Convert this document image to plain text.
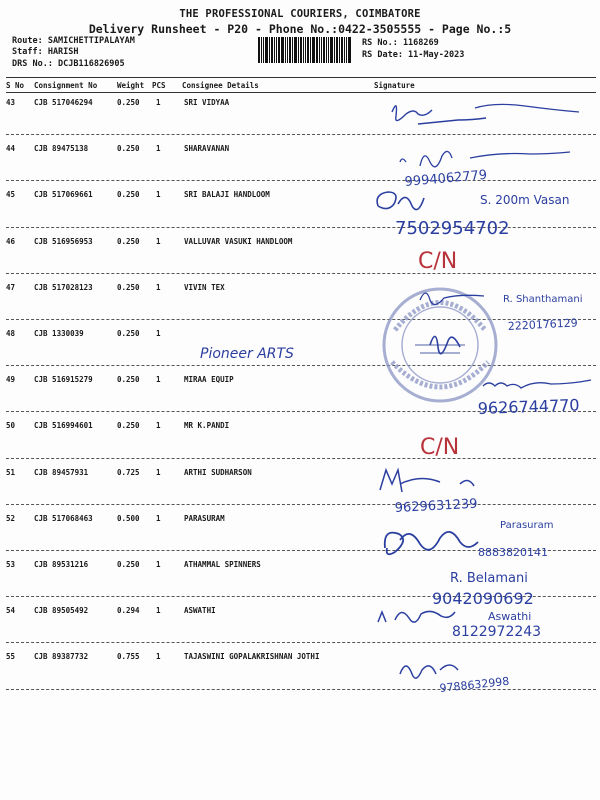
THE PROFESSIONAL COURIERS, COIMBATORE
Delivery Runsheet - P20 - Phone No.:0422-3505555 - Page No.:5
Route: SAMICHETTIPALAYAM
Staff: HARISH
DRS No.: DCJB116826905
RS No.: 1168269
RS Date: 11-May-2023
S No Consignment No	Weight PCS Consignee Details	Signature
43	CJB 517046294	0.250 1	SRI VIDYAA
44	CJB 89475138	0.250 1	SHARAVANAN
45	CJB 517069661	0.250 1	SRI BALAJI HANDLOOM
46	CJB 516956953	0.250 1	VALLUVAR VASUKI HANDLOOM
47	CJB 517028123	0.250 1	VIVIN TEX
48	CJB 1330039	0.250 1
49	CJB 516915279	0.250 1	MIRAA EQUIP
50	CJB 516994601	0.250 1	MR K.PANDI
51	CJB 89457931	0.725 1	ARTHI SUDHARSON
52	CJB 517068463	0.500 1	PARASURAM
53	CJB 89531216	0.250 1	ATHAMMAL SPINNERS
54	CJB 89505492	0.294 1	ASWATHI
55	CJB 89387732	0.755 1	TAJASWINI GOPALAKRISHNAN JOTHI
9994062779
S. 200m Vasan
7502954702
C/N
R. Shanthamani
2220176129
Pioneer ARTS
9626744770
C/N
9629631239
Parasuram
8883820141
R. Belamani
9042090692
Aswathi
8122972243
9788632998
